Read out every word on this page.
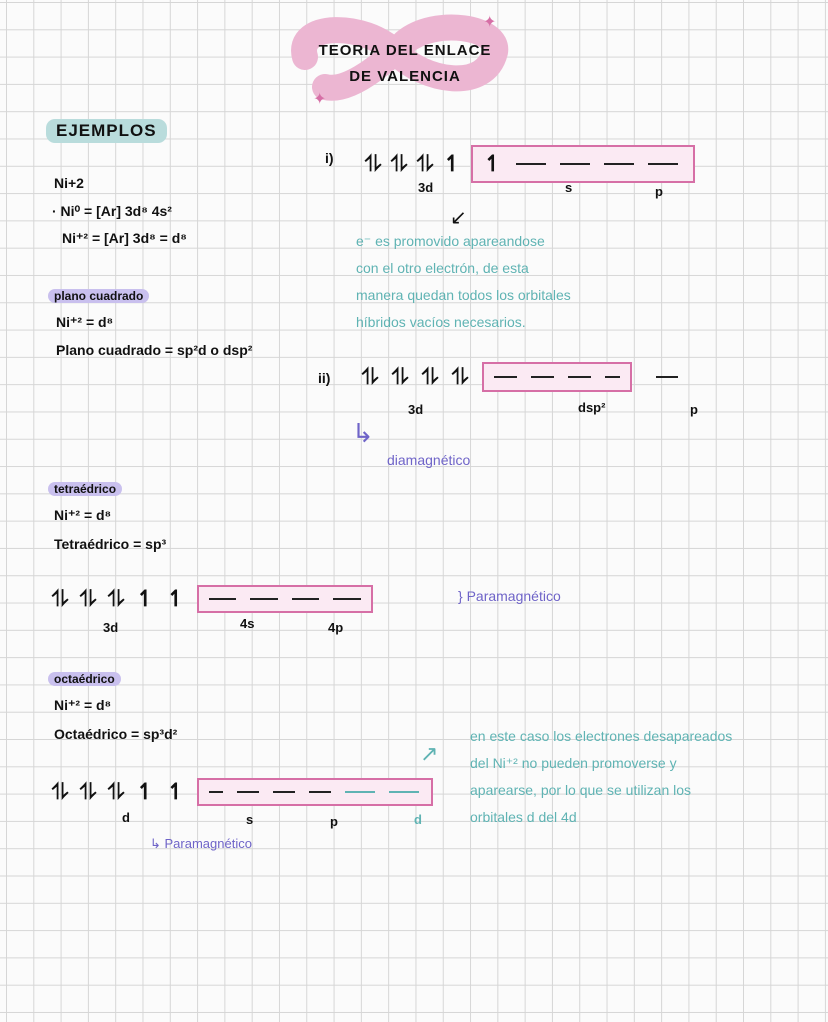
✦
✦
TEORIA DEL ENLACE
DE VALENCIA
EJEMPLOS
Ni+2
· Ni⁰ = [Ar] 3d⁸ 4s²
Ni⁺² = [Ar] 3d⁸ = d⁸
plano cuadrado
Ni⁺² = d⁸
Plano cuadrado = sp²d o dsp²
i) ⥮ ⥮ ⥮ ↿ ↿
3d	s	p
↙
e⁻ es promovido apareandose
con el otro electrón, de esta
manera quedan todos los orbitales
híbridos vacíos necesarios.
ii) ⥮ ⥮ ⥮ ⥮
3d	dsp²	p
↳
diamagnético
tetraédrico
Ni⁺² = d⁸
Tetraédrico = sp³
⥮ ⥮ ⥮ ↿ ↿
3d	4s	4p
} Paramagnético
octaédrico
Ni⁺² = d⁸
Octaédrico = sp³d²
⥮ ⥮ ⥮ ↿ ↿
d	s	p	d
↳ Paramagnético
↗
en este caso los electrones desapareados
del Ni⁺² no pueden promoverse y
aparearse, por lo que se utilizan los
orbitales d del 4d
